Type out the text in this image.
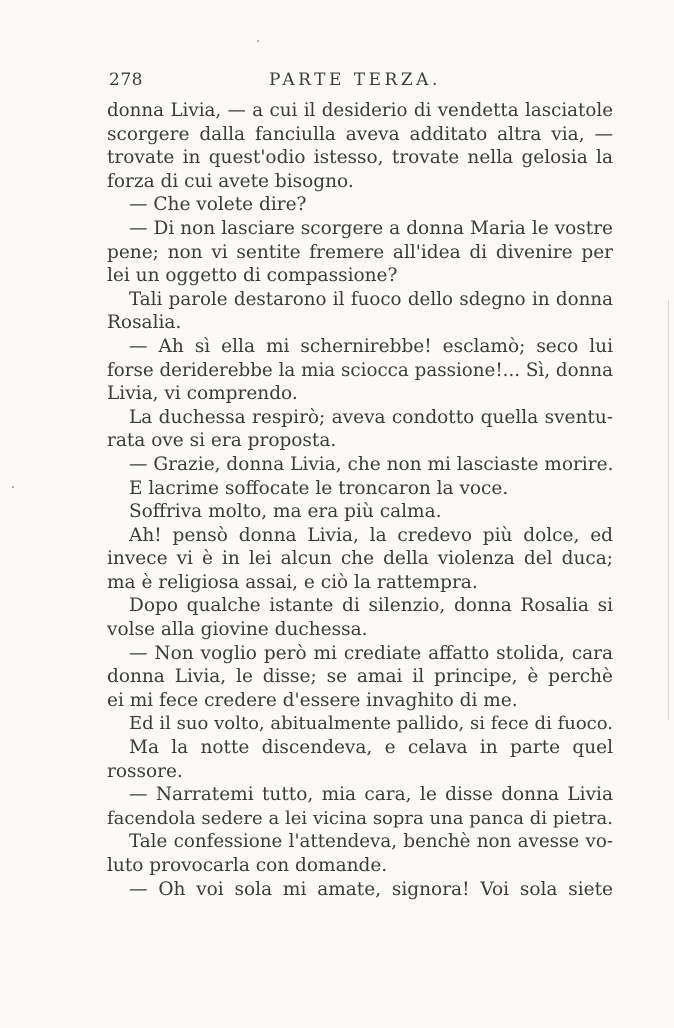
278	PARTE TERZA.
donna Livia, — a cui il desiderio di vendetta lasciatole
scorgere dalla fanciulla aveva additato altra via, —
trovate in quest'odio istesso, trovate nella gelosia la
forza di cui avete bisogno.
— Che volete dire?
— Di non lasciare scorgere a donna Maria le vostre
pene; non vi sentite fremere all'idea di divenire per
lei un oggetto di compassione?
Tali parole destarono il fuoco dello sdegno in donna
Rosalia.
— Ah sì ella mi schernirebbe! esclamò; seco lui
forse deriderebbe la mia sciocca passione!... Sì, donna
Livia, vi comprendo.
La duchessa respirò; aveva condotto quella sventu-
rata ove si era proposta.
— Grazie, donna Livia, che non mi lasciaste morire.
E lacrime soffocate le troncaron la voce.
Soffriva molto, ma era più calma.
Ah! pensò donna Livia, la credevo più dolce, ed
invece vi è in lei alcun che della violenza del duca;
ma è religiosa assai, e ciò la rattempra.
Dopo qualche istante di silenzio, donna Rosalia si
volse alla giovine duchessa.
— Non voglio però mi crediate affatto stolida, cara
donna Livia, le disse; se amai il principe, è perchè
ei mi fece credere d'essere invaghito di me.
Ed il suo volto, abitualmente pallido, si fece di fuoco.
Ma la notte discendeva, e celava in parte quel
rossore.
— Narratemi tutto, mia cara, le disse donna Livia
facendola sedere a lei vicina sopra una panca di pietra.
Tale confessione l'attendeva, benchè non avesse vo-
luto provocarla con domande.
— Oh voi sola mi amate, signora! Voi sola siete
